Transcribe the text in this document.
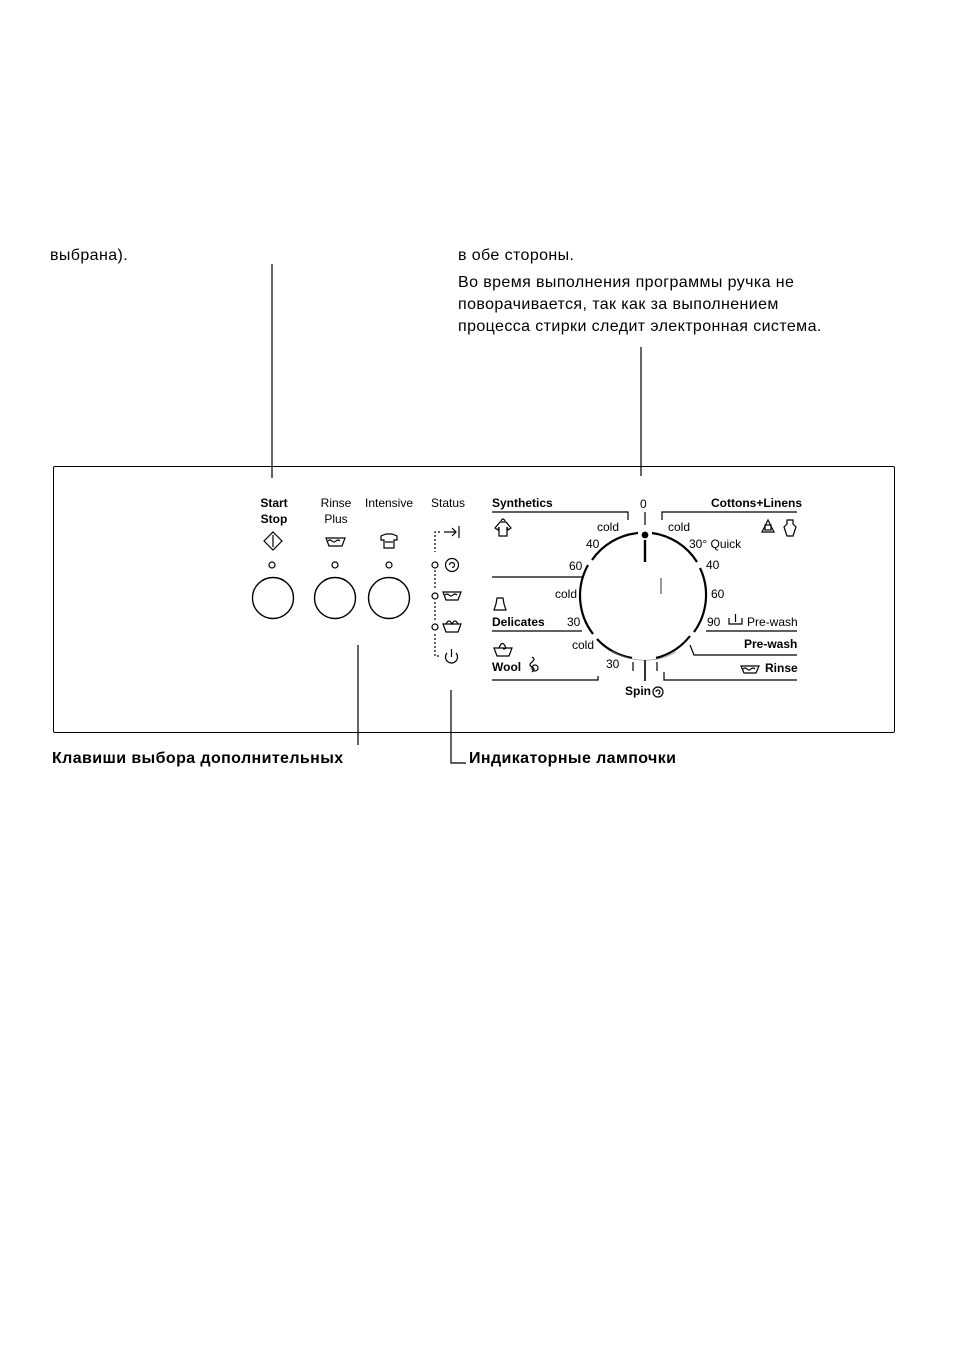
выбрана).	в обе стороны.
Во время выполнения программы ручка не
поворачивается, так как за выполнением
процесса стирки следит электронная система.
Клавиши выбора дополнительных	Индикаторные лампочки
Start
Stop
Rinse
Plus
Intensive	Status Synthetics	Cottons+Linens
0
cold
40
60
cold
30° Quick
40
60
90 Pre-wash
Pre-wash
Rinse
cold
Delicates 30
cold
Wool	30
Spin
